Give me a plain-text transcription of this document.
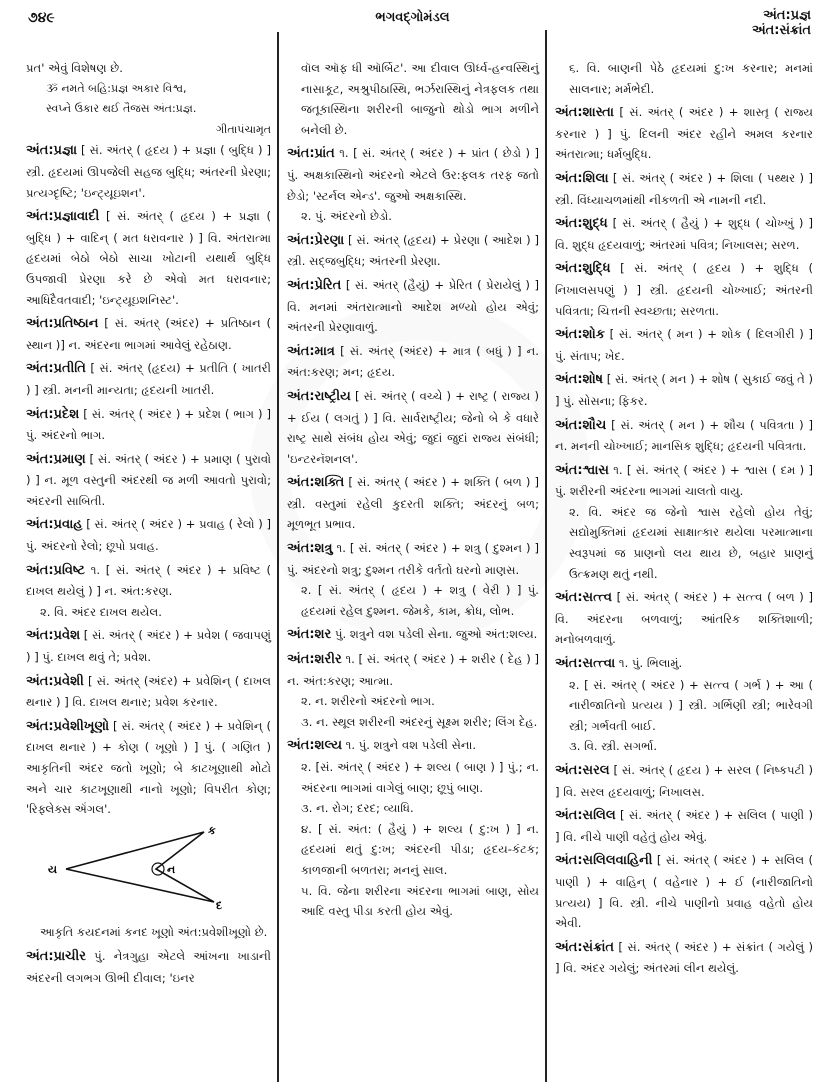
૭૪૯	ભગવદ્ગોમંડલ	અંત:પ્રજ્ઞ
અંત:સંક્રાંત
પ્રત' એવું વિશેષણ છે.
ૐ નમતે બહિ:પ્રજ્ઞ અકાર વિશ્વ,
સ્વપ્ને ઉકાર થઈ તૈજસ અંત:પ્રજ્ઞ.
ગીતાપંચામૃત
અંત:પ્રજ્ઞા [ સં. અંતર્ ( હૃદય ) + પ્રજ્ઞા ( બુદ્ધિ ) ] સ્ત્રી. હૃદયમાં ઊપજેલી સહજ બુદ્ધિ; અંતરની પ્રેરણા; પ્રત્યગ્દૃષ્ટિ; 'ઇન્ટ્યૂઇશન'.
અંત:પ્રજ્ઞાવાદી [ સં. અંતર્ ( હૃદય ) + પ્રજ્ઞા ( બુદ્ધિ ) + વાદિન્ ( મત ધરાવનાર ) ] વિ. અંતરાત્મા હૃદયમાં બેઠો બેઠો સાચા ખોટાની યથાર્થ બુદ્ધિ ઉપજાવી પ્રેરણા કરે છે એવો મત ધરાવનાર; આધિદૈવતવાદી; 'ઇન્ટ્યૂઇશનિસ્ટ'.
અંત:પ્રતિષ્ઠાન [ સં. અંતર્ (અંદર) + પ્રતિષ્ઠાન ( સ્થાન )] ન. અંદરના ભાગમાં આવેલું રહેઠાણ.
અંત:પ્રતીતિ [ સં. અંતર્ (હૃદય) + પ્રતીતિ ( ખાતરી ) ] સ્ત્રી. મનની માન્યતા; હૃદયની ખાતરી.
અંત:પ્રદેશ [ સં. અંતર્ ( અંદર ) + પ્રદેશ ( ભાગ ) ] પું. અંદરનો ભાગ.
અંત:પ્રમાણ [ સં. અંતર્ ( અંદર ) + પ્રમાણ ( પુરાવો ) ] ન. મૂળ વસ્તુની અંદરથી જ મળી આવતો પુરાવો; અંદરની સાબિતી.
અંત:પ્રવાહ [ સં. અંતર્ ( અંદર ) + પ્રવાહ ( રેલો ) ] પું. અંદરનો રેલો; છૂપો પ્રવાહ.
અંત:પ્રવિષ્ટ ૧. [ સં. અંતર્ ( અંદર ) + પ્રવિષ્ટ ( દાખલ થયેલું ) ] ન. અંત:કરણ.
૨. વિ. અંદર દાખલ થયેલ.
અંત:પ્રવેશ [ સં. અંતર્ ( અંદર ) + પ્રવેશ ( જવાપણું ) ] પું. દાખલ થવું તે; પ્રવેશ.
અંત:પ્રવેશી [ સં. અંતર્ (અંદર) + પ્રવેશિન્ ( દાખલ થનાર ) ] વિ. દાખલ થનાર; પ્રવેશ કરનાર.
અંત:પ્રવેશીખૂણો [ સં. અંતર્ ( અંદર ) + પ્રવેશિન્ ( દાખલ થનાર ) + કોણ ( ખૂણો ) ] પું. ( ગણિત ) આકૃતિની અંદર જતો ખૂણો; બે કાટખૂણાથી મોટો અને ચાર કાટખૂણાથી નાનો ખૂણો; વિપરીત કોણ; 'રિફ્લેક્સ ઍંગલ'.
ય
ક
ન
દ
આકૃતિ કયદનમાં કનદ ખૂણો અંત:પ્રવેશીખૂણો છે.
અંત:પ્રાચીર પું. નેત્રગુહા એટલે આંખના ખાડાની અંદરની લગભગ ઊભી દીવાલ; 'ઇનર
વૉલ ઑફ ધી ઑર્બિટ'. આ દીવાલ ઊર્ધ્વ-હન્વસ્થિનું નાસાકૂટ, અશ્રુપીઠાસ્થિ, ભર્ઝરાસ્થિનું નેત્રફલક તથા જતૂકાસ્થિના શરીરની બાજુનો થોડો ભાગ મળીને બનેલી છે.
અંત:પ્રાંત ૧. [ સં. અંતર્ ( અંદર ) + પ્રાંત ( છેડો ) ] પું. અક્ષકાસ્થિનો અંદરનો એટલે ઉર:ફલક તરફ જતો છેડો; 'સ્ટર્નલ એન્ડ'. જુઓ અક્ષકાસ્થિ.
૨. પું. અંદરનો છેડો.
અંત:પ્રેરણા [ સં. અંતર્ (હૃદય) + પ્રેરણા ( આદેશ ) ] સ્ત્રી. સદ્જબુદ્ધિ; અંતરની પ્રેરણા.
અંત:પ્રેરિત [ સં. અંતર્ (હૈયું) + પ્રેરિત ( પ્રેરાયેલું ) ] વિ. મનમાં અંતરાત્માનો આદેશ મળ્યો હોય એવું; અંતરની પ્રેરણાવાળું.
અંત:માત્ર [ સં. અંતર્ (અંદર) + માત્ર ( બધું ) ] ન. અંત:કરણ; મન; હૃદય.
અંત:રાષ્ટ્રીય [ સં. અંતર્ ( વચ્ચે ) + રાષ્ટ્ર ( રાજ્ય ) + ઈય ( લગતું ) ] વિ. સાર્વરાષ્ટ્રીય; જેનો બે કે વધારે રાષ્ટ્ર સાથે સંબંધ હોય એવું; જુદાં જુદાં રાજ્ય સંબંધી; 'ઇન્ટરનૅશનલ'.
અંત:શક્તિ [ સં. અંતર્ ( અંદર ) + શક્તિ ( બળ ) ] સ્ત્રી. વસ્તુમાં રહેલી કુદરતી શક્તિ; અંદરનું બળ; મૂળભૂત પ્રભાવ.
અંત:શત્રુ ૧. [ સં. અંતર્ ( અંદર ) + શત્રુ ( દુશ્મન ) ] પું. અંદરનો શત્રુ; દુશ્મન તરીકે વર્તતો ઘરનો માણસ.
૨. [ સં. અંતર્ ( હૃદય ) + શત્રુ ( વેરી ) ] પું. હૃદયમાં રહેલ દુશ્મન. જેમકે, કામ, ક્રોધ, લોભ.
અંત:શર પું. શત્રુને વશ પડેલી સેના. જુઓ અંત:શલ્ય.
અંત:શરીર ૧. [ સં. અંતર્ ( અંદર ) + શરીર ( દેહ ) ] ન. અંત:કરણ; આત્મા.
૨. ન. શરીરનો અંદરનો ભાગ.
૩. ન. સ્થૂલ શરીરની અંદરનું સૂક્ષ્મ શરીર; લિંગ દેહ.
અંત:શલ્ય ૧. પું. શત્રુને વશ પડેલી સેના.
૨. [સં. અંતર્ ( અંદર ) + શલ્ય ( બાણ ) ] પું.; ન. અંદરના ભાગમાં વાગેલું બાણ; છૂપું બાણ.
૩. ન. રોગ; દરદ; વ્યાધિ.
૪. [ સં. અંત: ( હૈયું ) + શલ્ય ( દુ:ખ ) ] ન. હૃદયમાં થતું દુ:ખ; અંદરની પીડા; હૃદય-કંટક; કાળજાની બળતરા; મનનું સાલ.
૫. વિ. જેના શરીરના અંદરના ભાગમાં બાણ, સોય આદિ વસ્તુ પીડા કરતી હોય એવું.
૬. વિ. બાણની પેઠે હૃદયમાં દુ:ખ કરનાર; મનમાં સાલનાર; મર્મભેદી.
અંત:શાસ્તા [ સં. અંતર્ ( અંદર ) + શાસ્તૃ ( રાજ્ય કરનાર ) ] પું. દિલની અંદર રહીને અમલ કરનાર અંતરાત્મા; ધર્મબુદ્ધિ.
અંત:શિલા [ સં. અંતર્ ( અંદર ) + શિલા ( પથ્થર ) ] સ્ત્રી. વિંધ્યાચળમાંથી નીકળતી એ નામની નદી.
અંત:શુદ્ધ [ સં. અંતર્ ( હૈયું ) + શુદ્ધ ( ચોખ્ખું ) ] વિ. શુદ્ધ હૃદયવાળું; અંતરમાં પવિત્ર; નિખાલસ; સરળ.
અંત:શુદ્ધિ [ સં. અંતર્ ( હૃદય ) + શુદ્ધિ ( નિખાલસપણું ) ] સ્ત્રી. હૃદયની ચોખ્ખાઈ; અંતરની પવિત્રતા; ચિત્તની સ્વચ્છતા; સરળતા.
અંત:શોક [ સં. અંતર્ ( મન ) + શોક ( દિલગીરી ) ] પું. સંતાપ; ખેદ.
અંત:શોષ [ સં. અંતર્ ( મન ) + શોષ ( સુકાઈ જવું તે ) ] પું. સોસના; ફિકર.
અંત:શૌચ [ સં. અંતર્ ( મન ) + શૌચ ( પવિત્રતા ) ] ન. મનની ચોખ્ખાઈ; માનસિક શુદ્ધિ; હૃદયની પવિત્રતા.
અંત:શ્વાસ ૧. [ સં. અંતર્ ( અંદર ) + શ્વાસ ( દમ ) ] પું. શરીરની અંદરના ભાગમાં ચાલતો વાયુ.
૨. વિ. અંદર જ જેનો શ્વાસ રહેલો હોય તેવું; સદ્યોમુક્તિમાં હૃદયમાં સાક્ષાત્કાર થયેલા પરમાત્માના સ્વરૂપમાં જ પ્રાણનો લય થાય છે, બહાર પ્રાણનું ઉત્ક્રમણ થતું નથી.
અંત:સત્ત્વ [ સં. અંતર્ ( અંદર ) + સત્ત્વ ( બળ ) ] વિ. અંદરના બળવાળું; આંતરિક શક્તિશાળી; મનોબળવાળું.
અંત:સત્ત્વા ૧. પું. ભિલામું.
૨. [ સં. અંતર્ ( અંદર ) + સત્ત્વ ( ગર્ભ ) + આ ( નારીજાતિનો પ્રત્યય ) ] સ્ત્રી. ગર્ભિણી સ્ત્રી; ભારેવગી સ્ત્રી; ગર્ભવતી બાઈ.
૩. વિ. સ્ત્રી. સગર્ભા.
અંત:સરલ [ સં. અંતર્ ( હૃદય ) + સરલ ( નિષ્કપટી ) ] વિ. સરલ હૃદયવાળું; નિખાલસ.
અંત:સલિલ [ સં. અંતર્ ( અંદર ) + સલિલ ( પાણી ) ] વિ. નીચે પાણી વહેતું હોય એવું.
અંત:સલિલવાહિની [ સં. અંતર્ ( અંદર ) + સલિલ ( પાણી ) + વાહિન્ ( વહેનાર ) + ઈ (નારીજાતિનો પ્રત્યય) ] વિ. સ્ત્રી. નીચે પાણીનો પ્રવાહ વહેતો હોય એવી.
અંત:સંક્રાંત [ સં. અંતર્ ( અંદર ) + સંક્રાંત ( ગયેલું ) ] વિ. અંદર ગયેલું; અંતરમાં લીન થયેલું.
